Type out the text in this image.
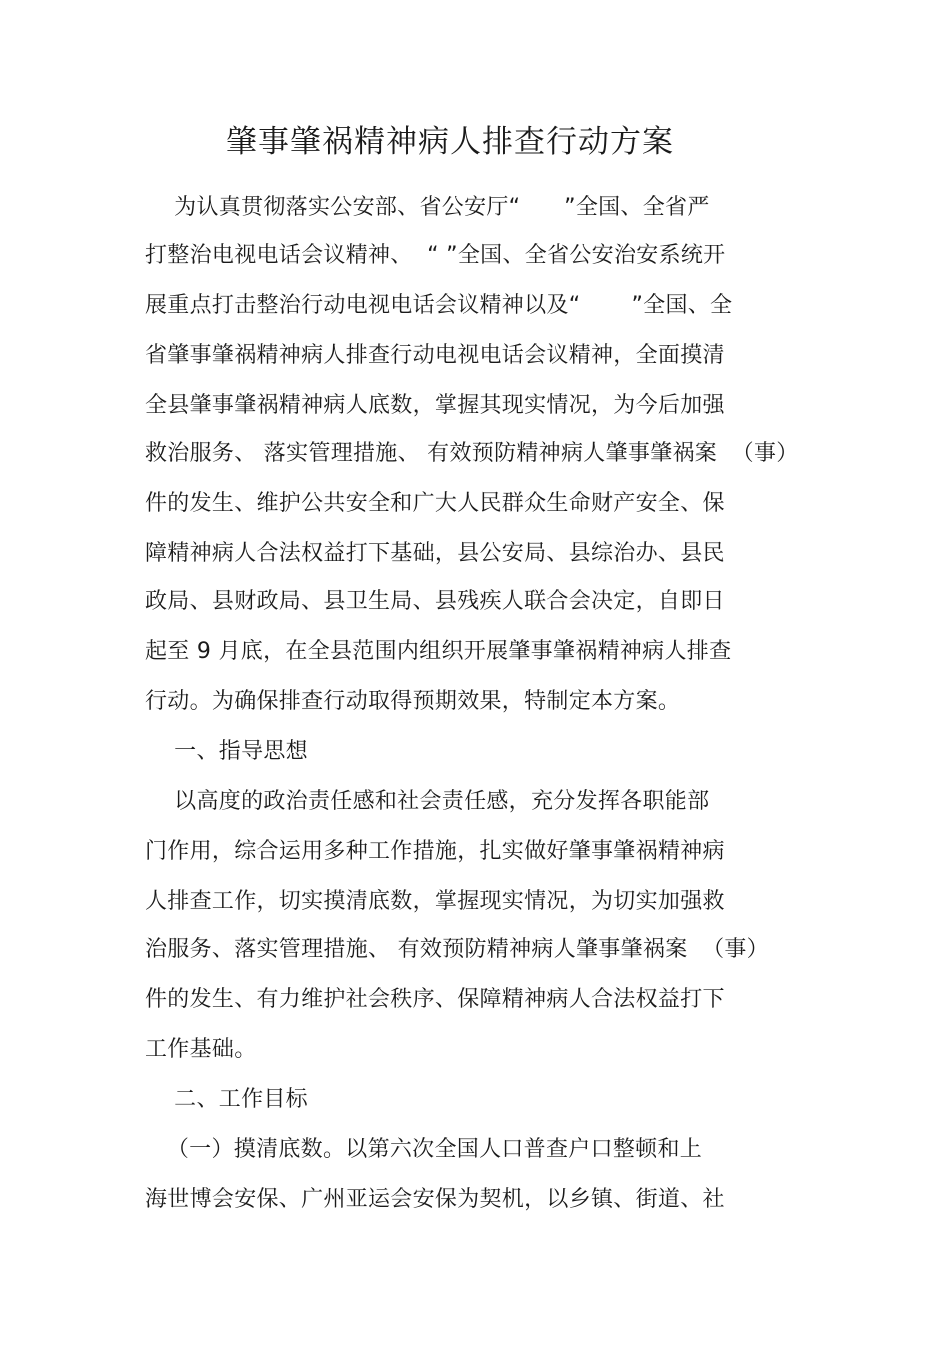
肇事肇祸精神病人排查行动方案
为认真贯彻落实公安部、省公安厅“      ”全国、全省严
打整治电视电话会议精神、  “ ”全国、全省公安治安系统开
展重点打击整治行动电视电话会议精神以及“       ”全国、全
省肇事肇祸精神病人排查行动电视电话会议精神，全面摸清
全县肇事肇祸精神病人底数，掌握其现实情况，为今后加强
救治服务、 落实管理措施、 有效预防精神病人肇事肇祸案  （事）
件的发生、维护公共安全和广大人民群众生命财产安全、保
障精神病人合法权益打下基础，县公安局、县综治办、县民
政局、县财政局、县卫生局、县残疾人联合会决定，自即日
起至 9 月底，在全县范围内组织开展肇事肇祸精神病人排查
行动。为确保排查行动取得预期效果，特制定本方案。
一、指导思想
以高度的政治责任感和社会责任感，充分发挥各职能部
门作用，综合运用多种工作措施，扎实做好肇事肇祸精神病
人排查工作，切实摸清底数，掌握现实情况，为切实加强救
治服务、落实管理措施、 有效预防精神病人肇事肇祸案  （事）
件的发生、有力维护社会秩序、保障精神病人合法权益打下
工作基础。
二、工作目标
（一）摸清底数。以第六次全国人口普查户口整顿和上
海世博会安保、广州亚运会安保为契机，以乡镇、街道、社
